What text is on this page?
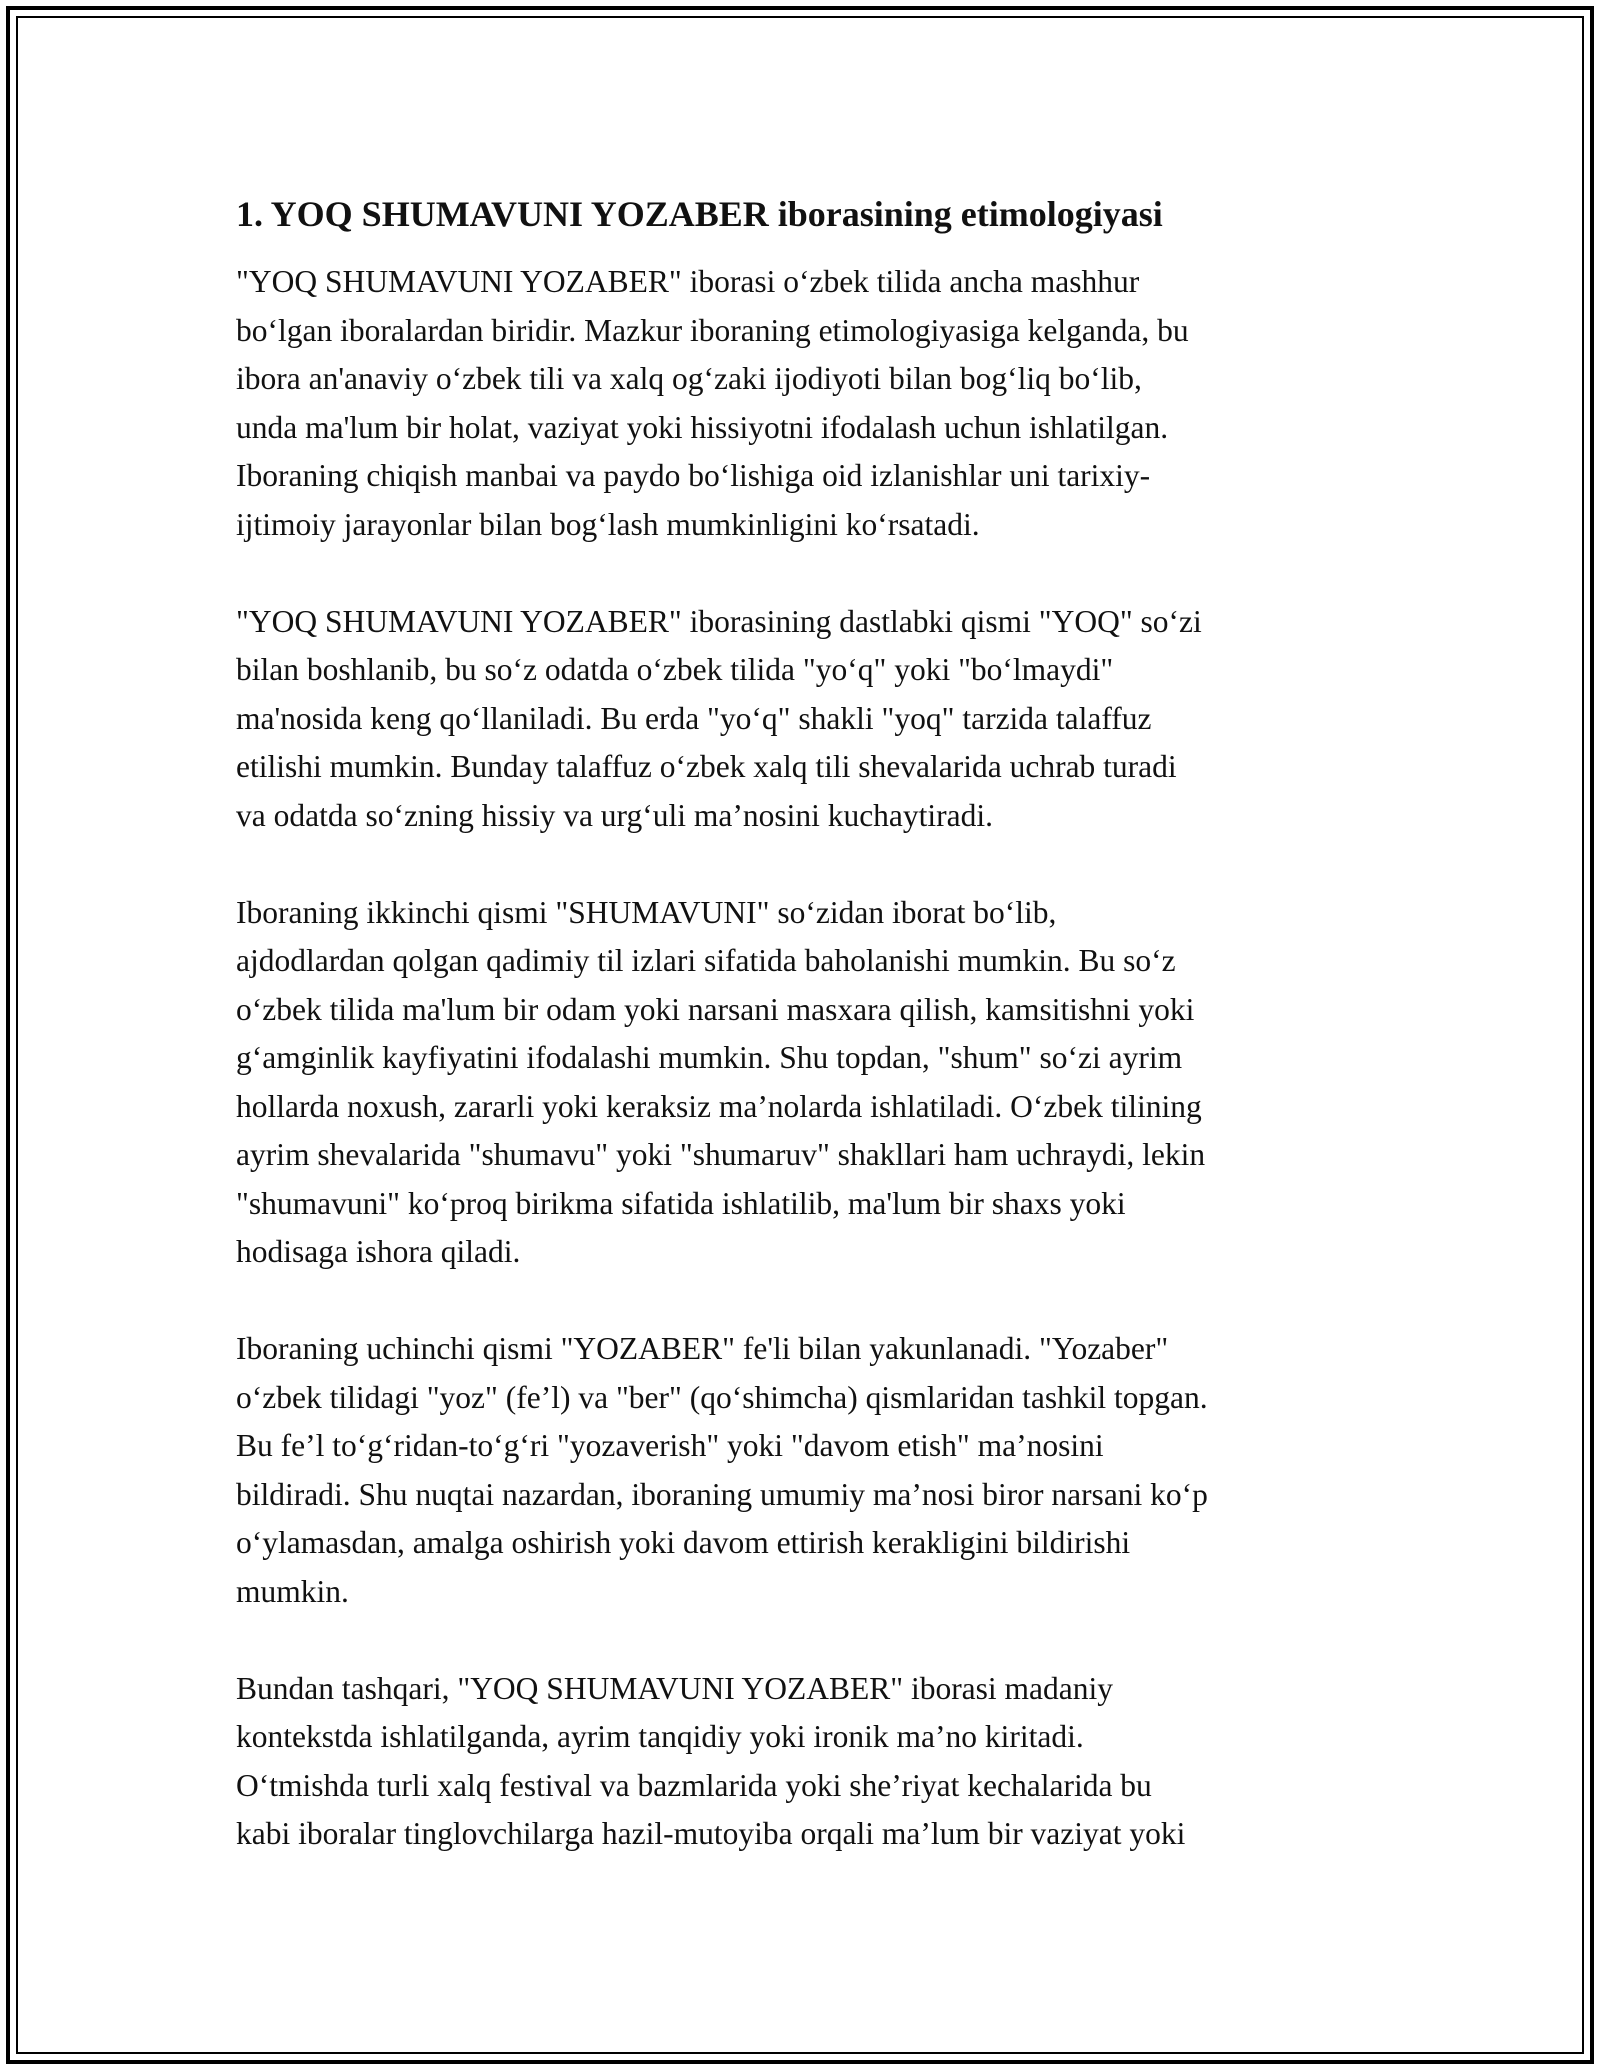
1. YOQ SHUMAVUNI YOZABER iborasining etimologiyasi
"YOQ SHUMAVUNI YOZABER" iborasi oʻzbek tilida ancha mashhur
boʻlgan iboralardan biridir. Mazkur iboraning etimologiyasiga kelganda, bu
ibora an'anaviy oʻzbek tili va xalq ogʻzaki ijodiyoti bilan bogʻliq boʻlib,
unda ma'lum bir holat, vaziyat yoki hissiyotni ifodalash uchun ishlatilgan.
Iboraning chiqish manbai va paydo boʻlishiga oid izlanishlar uni tarixiy-
ijtimoiy jarayonlar bilan bogʻlash mumkinligini koʻrsatadi.
"YOQ SHUMAVUNI YOZABER" iborasining dastlabki qismi "YOQ" soʻzi
bilan boshlanib, bu soʻz odatda oʻzbek tilida "yoʻq" yoki "boʻlmaydi"
ma'nosida keng qoʻllaniladi. Bu erda "yoʻq" shakli "yoq" tarzida talaffuz
etilishi mumkin. Bunday talaffuz oʻzbek xalq tili shevalarida uchrab turadi
va odatda soʻzning hissiy va urgʻuli ma’nosini kuchaytiradi.
Iboraning ikkinchi qismi "SHUMAVUNI" soʻzidan iborat boʻlib,
ajdodlardan qolgan qadimiy til izlari sifatida baholanishi mumkin. Bu soʻz
oʻzbek tilida ma'lum bir odam yoki narsani masxara qilish, kamsitishni yoki
gʻamginlik kayfiyatini ifodalashi mumkin. Shu topdan, "shum" soʻzi ayrim
hollarda noxush, zararli yoki keraksiz ma’nolarda ishlatiladi. Oʻzbek tilining
ayrim shevalarida "shumavu" yoki "shumaruv" shakllari ham uchraydi, lekin
"shumavuni" koʻproq birikma sifatida ishlatilib, ma'lum bir shaxs yoki
hodisaga ishora qiladi.
Iboraning uchinchi qismi "YOZABER" fe'li bilan yakunlanadi. "Yozaber"
oʻzbek tilidagi "yoz" (fe’l) va "ber" (qoʻshimcha) qismlaridan tashkil topgan.
Bu fe’l toʻgʻridan-toʻgʻri "yozaverish" yoki "davom etish" ma’nosini
bildiradi. Shu nuqtai nazardan, iboraning umumiy ma’nosi biror narsani koʻp
oʻylamasdan, amalga oshirish yoki davom ettirish kerakligini bildirishi
mumkin.
Bundan tashqari, "YOQ SHUMAVUNI YOZABER" iborasi madaniy
kontekstda ishlatilganda, ayrim tanqidiy yoki ironik ma’no kiritadi.
Oʻtmishda turli xalq festival va bazmlarida yoki she’riyat kechalarida bu
kabi iboralar tinglovchilarga hazil-mutoyiba orqali ma’lum bir vaziyat yoki
